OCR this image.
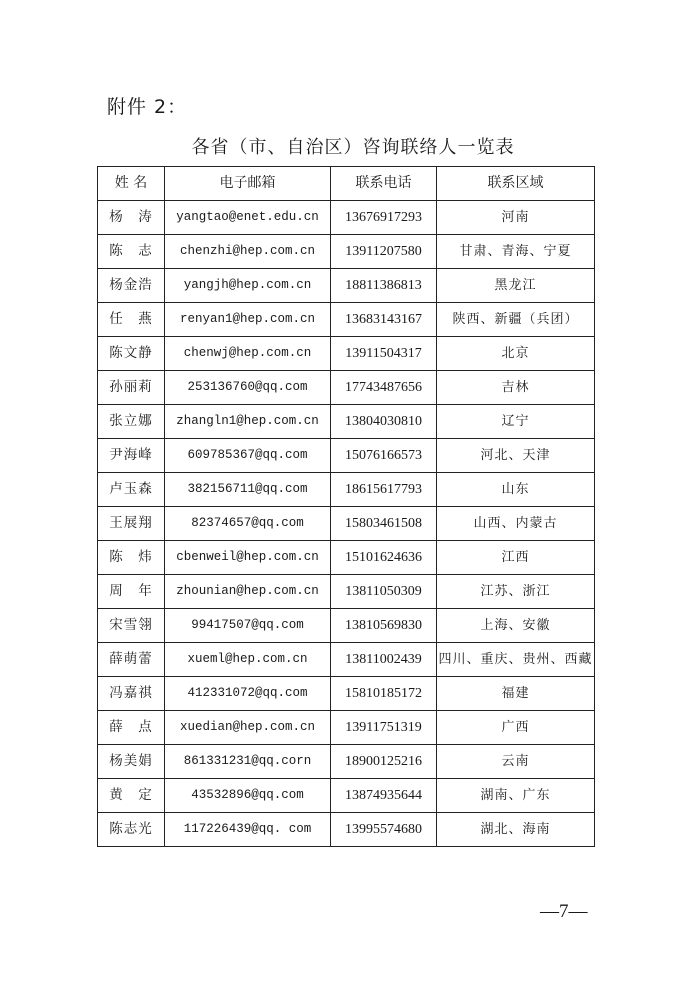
附件 2：
各省（市、自治区）咨询联络人一览表
姓 名	电子邮箱	联系电话	联系区域
杨　涛	yangtao@enet.edu.cn	13676917293	河南
陈　志	chenzhi@hep.com.cn	13911207580	甘肃、青海、宁夏
杨金浩	yangjh@hep.com.cn	18811386813	黑龙江
任　燕	renyan1@hep.com.cn	13683143167	陕西、新疆（兵团）
陈文静	chenwj@hep.com.cn	13911504317	北京
孙丽莉	253136760@qq.com	17743487656	吉林
张立娜	zhangln1@hep.com.cn	13804030810	辽宁
尹海峰	609785367@qq.com	15076166573	河北、天津
卢玉森	382156711@qq.com	18615617793	山东
王展翔	82374657@qq.com	15803461508	山西、内蒙古
陈　炜	cbenweil@hep.com.cn	15101624636	江西
周　年	zhounian@hep.com.cn	13811050309	江苏、浙江
宋雪翎	99417507@qq.com	13810569830	上海、安徽
薛萌蕾	xueml@hep.com.cn	13811002439	四川、重庆、贵州、西藏
冯嘉祺	412331072@qq.com	15810185172	福建
薛　点	xuedian@hep.com.cn	13911751319	广西
杨美娟	861331231@qq.corn	18900125216	云南
黄　定	43532896@qq.com	13874935644	湖南、广东
陈志光	117226439@qq. com	13995574680	湖北、海南
—7—
